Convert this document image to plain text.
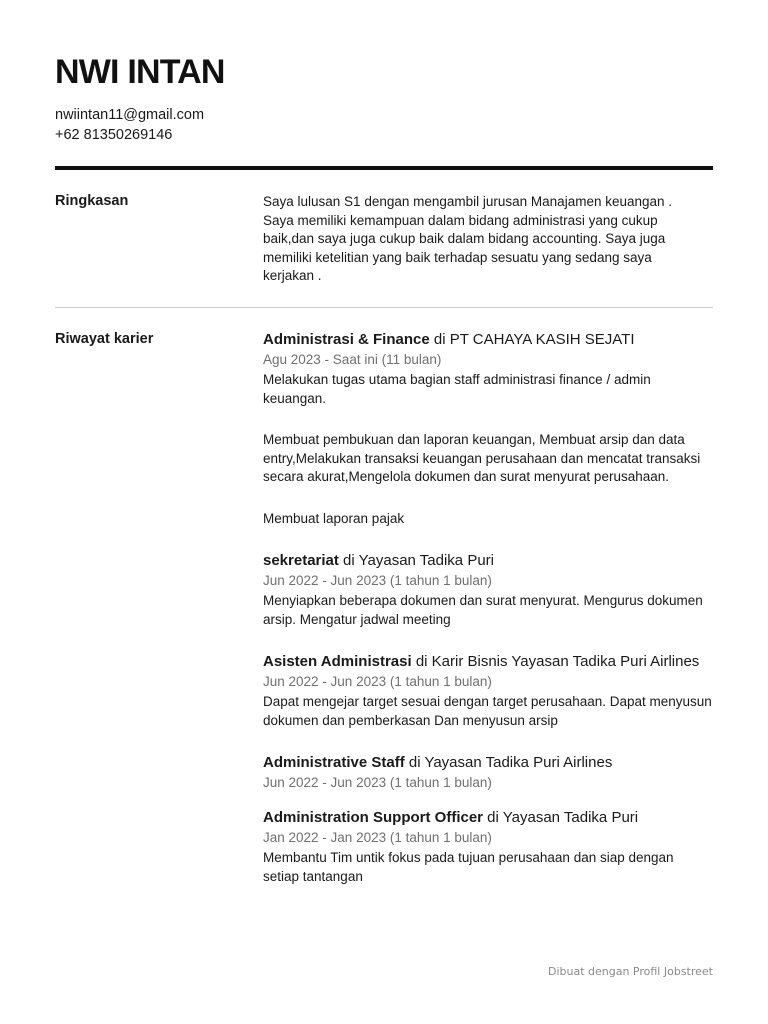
NWI INTAN
nwiintan11@gmail.com
+62 81350269146
Ringkasan	Saya lulusan S1 dengan mengambil jurusan Manajamen keuangan . Saya memiliki kemampuan dalam bidang administrasi yang cukup baik,dan saya juga cukup baik dalam bidang accounting. Saya juga memiliki ketelitian yang baik terhadap sesuatu yang sedang saya kerjakan .
Riwayat karier	Administrasi & Finance di PT CAHAYA KASIH SEJATI
Agu 2023 - Saat ini (11 bulan)

Melakukan tugas utama bagian staff administrasi finance / admin keuangan.

Membuat pembukuan dan laporan keuangan, Membuat arsip dan data entry,Melakukan transaksi keuangan perusahaan dan mencatat transaksi secara akurat,Mengelola dokumen dan surat menyurat perusahaan.

Membuat laporan pajak

sekretariat di Yayasan Tadika Puri
Jun 2022 - Jun 2023 (1 tahun 1 bulan)

Menyiapkan beberapa dokumen dan surat menyurat. Mengurus dokumen arsip. Mengatur jadwal meeting

Asisten Administrasi di Karir Bisnis Yayasan Tadika Puri Airlines
Jun 2022 - Jun 2023 (1 tahun 1 bulan)

Dapat mengejar target sesuai dengan target perusahaan. Dapat menyusun dokumen dan pemberkasan Dan menyusun arsip

Administrative Staff di Yayasan Tadika Puri Airlines
Jun 2022 - Jun 2023 (1 tahun 1 bulan)
Administration Support Officer di Yayasan Tadika Puri
Jan 2022 - Jan 2023 (1 tahun 1 bulan)

Membantu Tim untik fokus pada tujuan perusahaan dan siap dengan setiap tantangan

Dibuat dengan Profil Jobstreet
